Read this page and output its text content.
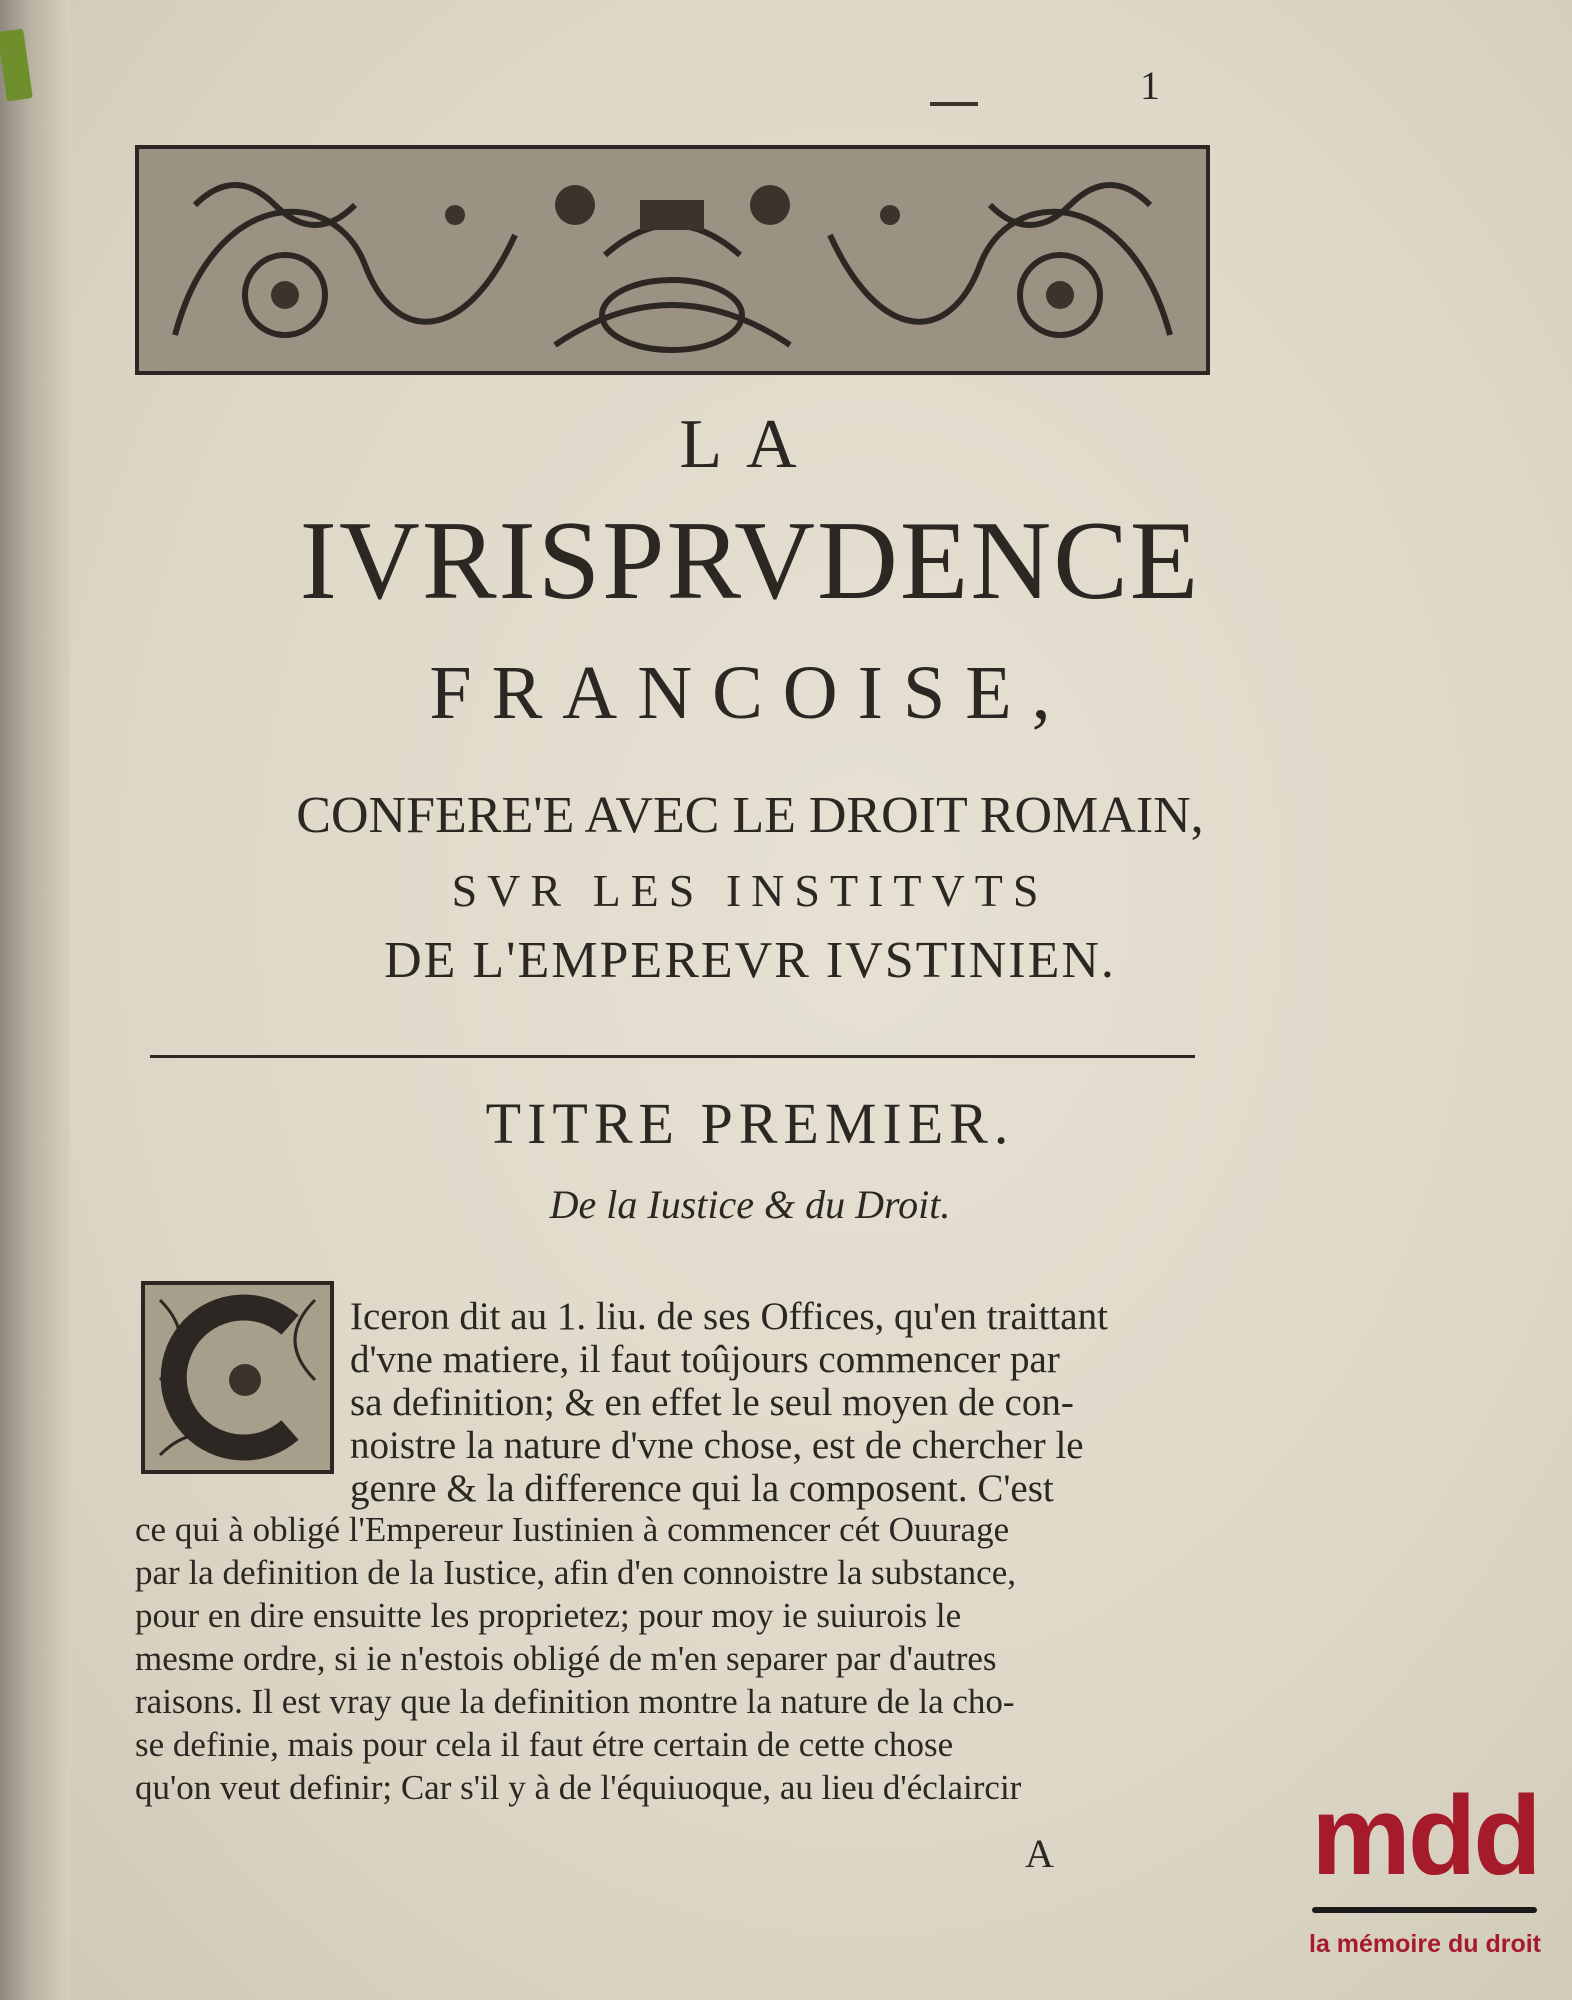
1
LA
IVRISPRVDENCE
FRANCOISE,
CONFERE'E AVEC LE DROIT ROMAIN,
SVR LES INSTITVTS
DE L'EMPEREVR IVSTINIEN.
TITRE PREMIER.
De la Iustice & du Droit.
Iceron dit au 1. liu. de ses Offices, qu'en traittant
d'vne matiere, il faut toûjours commencer par
sa definition; & en effet le seul moyen de con-
noistre la nature d'vne chose, est de chercher le
genre & la difference qui la composent. C'est
ce qui à obligé l'Empereur Iustinien à commencer cét Ouurage
par la definition de la Iustice, afin d'en connoistre la substance,
pour en dire ensuitte les proprietez; pour moy ie suiurois le
mesme ordre, si ie n'estois obligé de m'en separer par d'autres
raisons. Il est vray que la definition montre la nature de la cho-
se definie, mais pour cela il faut étre certain de cette chose
qu'on veut definir; Car s'il y à de l'équiuoque, au lieu d'éclaircir
A mdd
la mémoire du droit
